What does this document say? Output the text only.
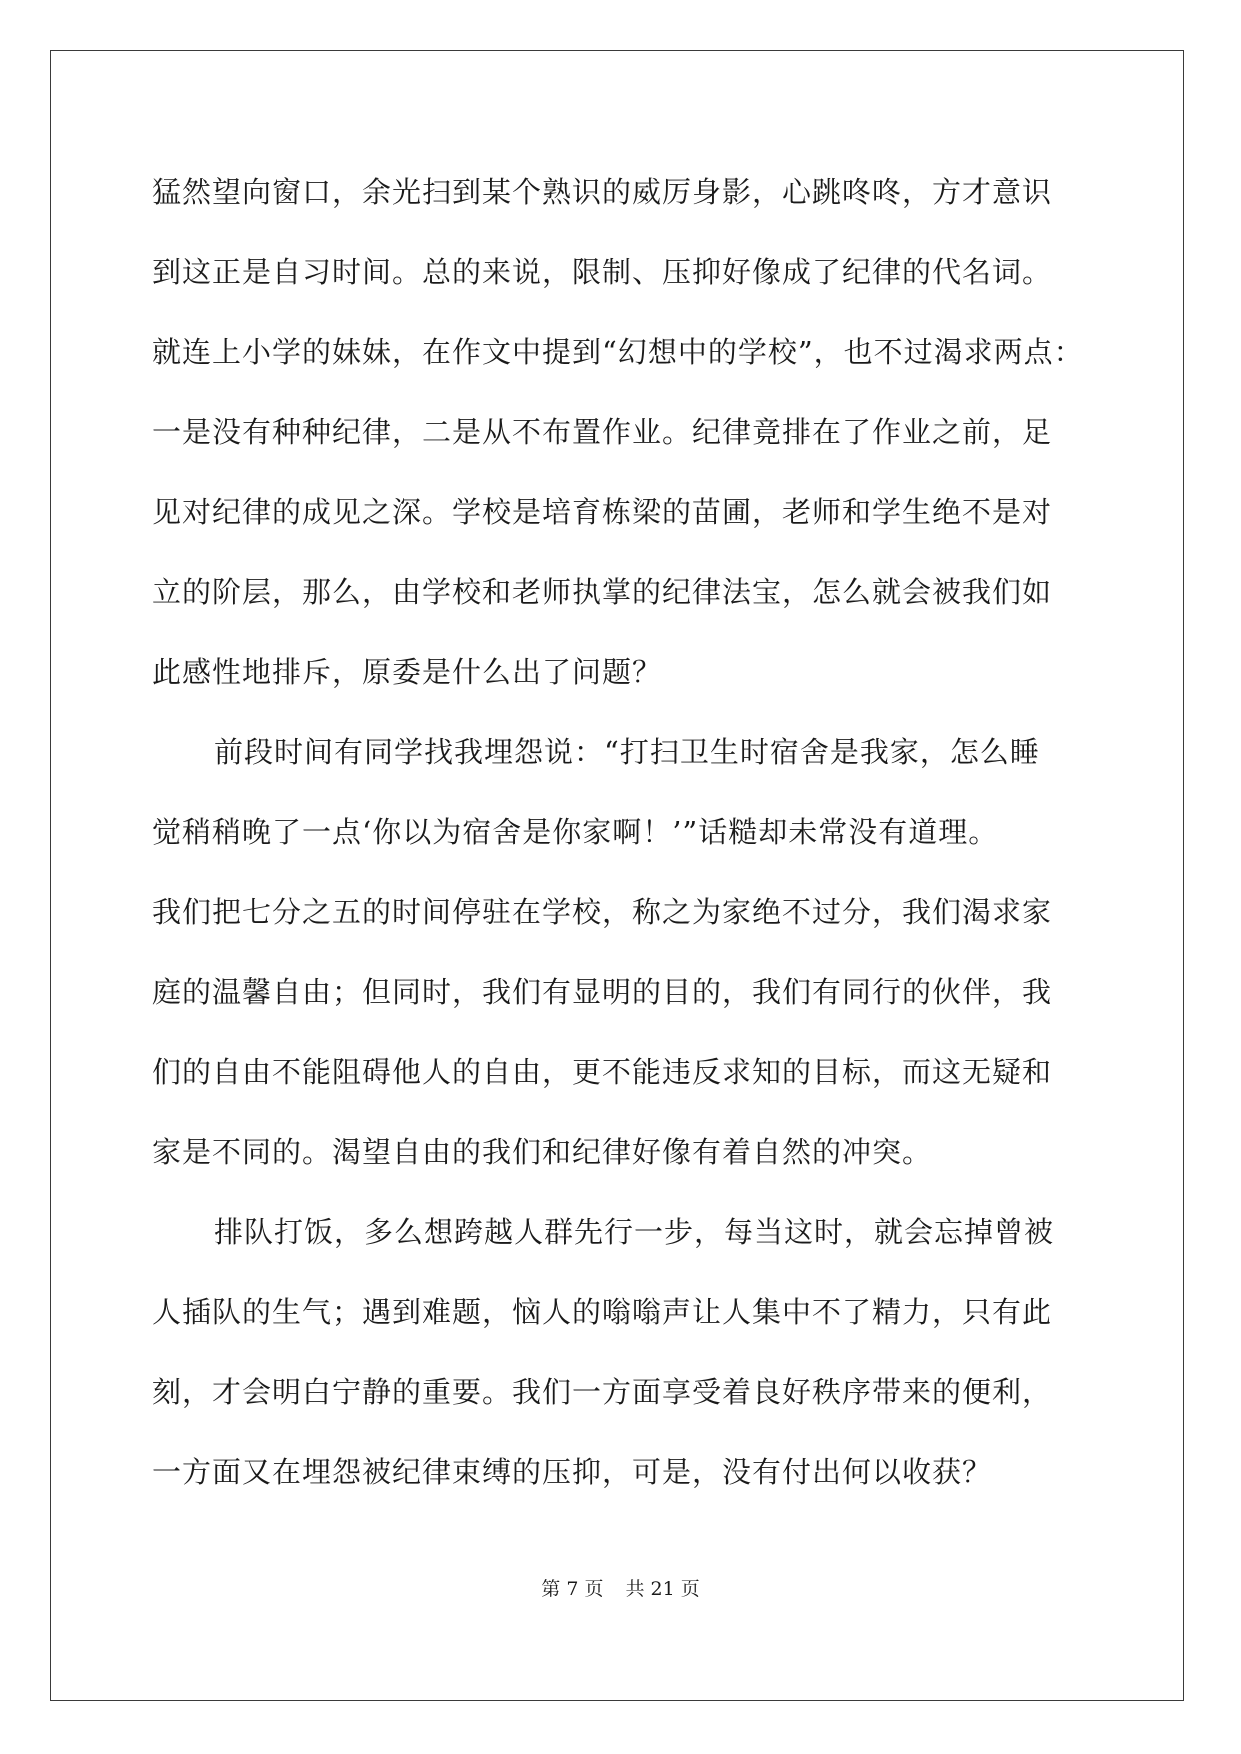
猛然望向窗口，余光扫到某个熟识的威厉身影，心跳咚咚，方才意识
到这正是自习时间。总的来说，限制、压抑好像成了纪律的代名词。
就连上小学的妹妹，在作文中提到“幻想中的学校”，也不过渴求两点：
一是没有种种纪律，二是从不布置作业。纪律竟排在了作业之前，足
见对纪律的成见之深。学校是培育栋梁的苗圃，老师和学生绝不是对
立的阶层，那么，由学校和老师执掌的纪律法宝，怎么就会被我们如
此感性地排斥，原委是什么出了问题？
前段时间有同学找我埋怨说：“打扫卫生时宿舍是我家，怎么睡
觉稍稍晚了一点‘你以为宿舍是你家啊！’”话糙却未常没有道理。
我们把七分之五的时间停驻在学校，称之为家绝不过分，我们渴求家
庭的温馨自由；但同时，我们有显明的目的，我们有同行的伙伴，我
们的自由不能阻碍他人的自由，更不能违反求知的目标，而这无疑和
家是不同的。渴望自由的我们和纪律好像有着自然的冲突。
排队打饭，多么想跨越人群先行一步，每当这时，就会忘掉曾被
人插队的生气；遇到难题，恼人的嗡嗡声让人集中不了精力，只有此
刻，才会明白宁静的重要。我们一方面享受着良好秩序带来的便利，
一方面又在埋怨被纪律束缚的压抑，可是，没有付出何以收获？
第 7 页 共 21 页
